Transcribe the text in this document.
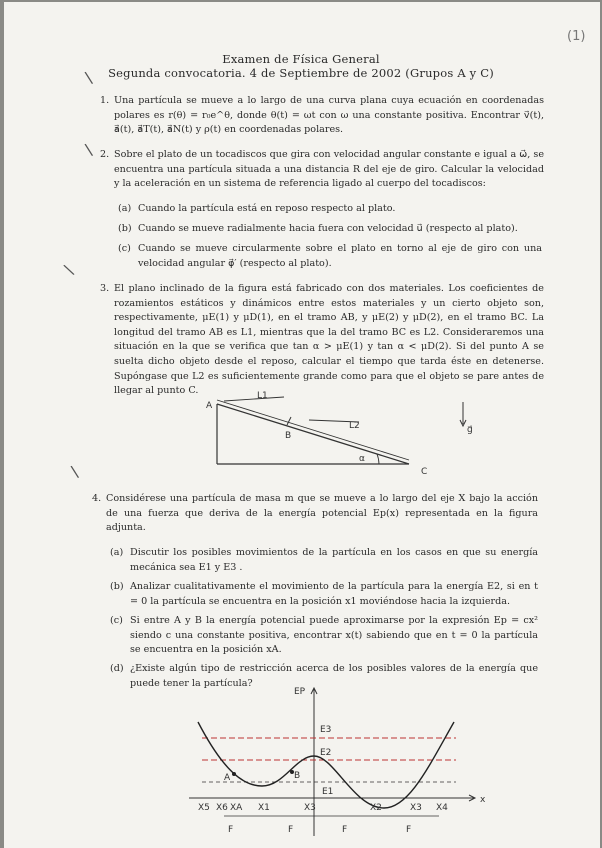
(1)
Examen de Física General
Segunda convocatoria. 4 de Septiembre de 2002 (Grupos A y C)
\
\
\
\
1. Una partícula se mueve a lo largo de una curva plana cuya ecuación en coordenadas polares es r(θ) = r₀e^θ, donde θ(t) = ωt con ω una constante positiva. Encontrar v⃗(t), a⃗(t), a⃗T(t), a⃗N(t) y ρ(t) en coordenadas polares.
2. Sobre el plato de un tocadiscos que gira con velocidad angular constante e igual a ω⃗, se encuentra una partícula situada a una distancia R del eje de giro. Calcular la velocidad y la aceleración en un sistema de referencia ligado al cuerpo del tocadiscos:
(a) Cuando la partícula está en reposo respecto al plato.
(b) Cuando se mueve radialmente hacia fuera con velocidad u⃗ (respecto al plato).
(c) Cuando se mueve circularmente sobre el plato en torno al eje de giro con una velocidad angular φ⃗′ (respecto al plato).
3. El plano inclinado de la figura está fabricado con dos materiales. Los coeficientes de rozamientos estáticos y dinámicos entre estos materiales y un cierto objeto son, respectivamente, μE(1) y μD(1), en el tramo AB, y μE(2) y μD(2), en el tramo BC. La longitud del tramo AB es L1, mientras que la del tramo BC es L2. Consideraremos una situación en la que se verifica que tan α > μE(1) y tan α < μD(2). Si del punto A se suelta dicho objeto desde el reposo, calcular el tiempo que tarda éste en detenerse. Supóngase que L2 es suficientemente grande como para que el objeto se pare antes de llegar al punto C.
A
B
C
L1
L2
α
g⃗
4. Considérese una partícula de masa m que se mueve a lo largo del eje X bajo la acción de una fuerza que deriva de la energía potencial Ep(x) representada en la figura adjunta.
(a) Discutir los posibles movimientos de la partícula en los casos en que su energía mecánica sea E1 y E3 .
(b) Analizar cualitativamente el movimiento de la partícula para la energía E2, si en t = 0 la partícula se encuentra en la posición x1 moviéndose hacia la izquierda.
(c) Si entre A y B la energía potencial puede aproximarse por la expresión Ep = cx² siendo c una constante positiva, encontrar x(t) sabiendo que en t = 0 la partícula se encuentra en la posición xA.
(d) ¿Existe algún tipo de restricción acerca de los posibles valores de la energía que puede tener la partícula?
EP
x
E3
E2
E1
A	B
X5 X6 XA X1	X3	X2	X3 X4
F	F	F	F
